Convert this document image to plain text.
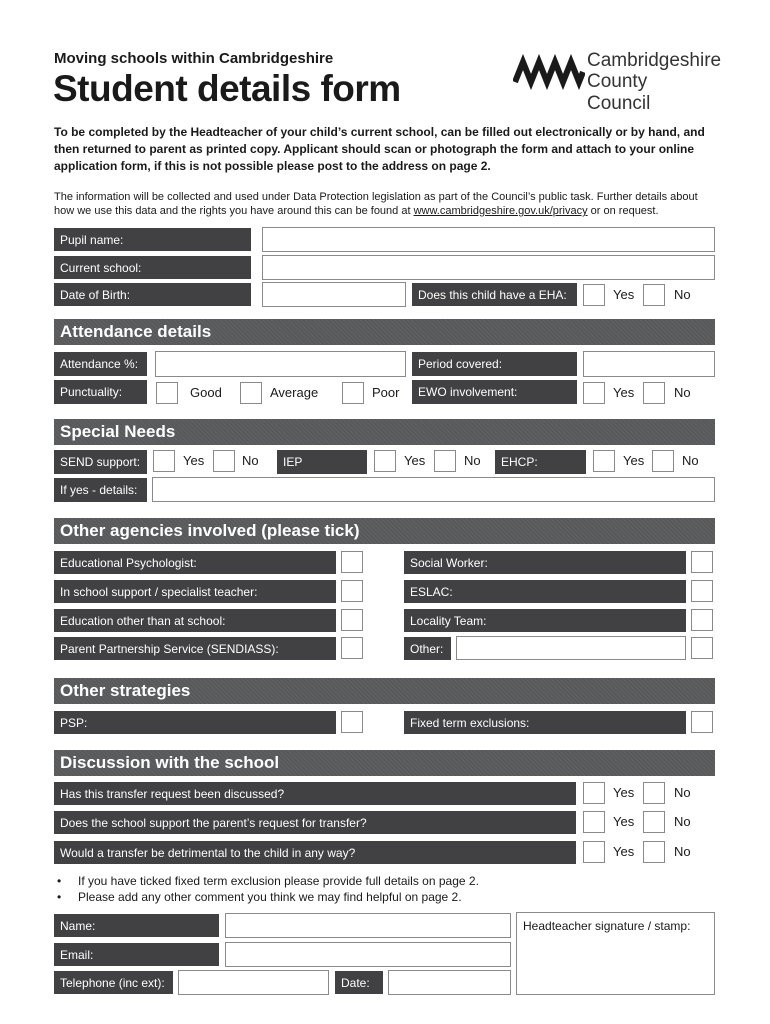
Moving schools within Cambridgeshire
Student details form
Cambridgeshire
County Council
To be completed by the Headteacher of your child’s current school, can be filled out electronically or by hand, and then returned to parent as printed copy. Applicant should scan or photograph the form and attach to your online application form, if this is not possible please post to the address on page 2.
The information will be collected and used under Data Protection legislation as part of the Council’s public task. Further details about how we use this data and the rights you have around this can be found at www.cambridgeshire.gov.uk/privacy or on request.
Pupil name:
Current school:
Date of Birth:	Does this child have a EHA:	Yes	No
Attendance details
Attendance %:	Period covered:
Punctuality:	Good	Average	Poor	EWO involvement:	Yes	No
Special Needs
SEND support:	Yes	No	IEP	Yes	No	EHCP:	Yes	No
If yes - details:
Other agencies involved (please tick)
Educational Psychologist:	Social Worker:
In school support / specialist teacher:	ESLAC:
Education other than at school:	Locality Team:
Parent Partnership Service (SENDIASS):	Other:
Other strategies
PSP:	Fixed term exclusions:
Discussion with the school
Has this transfer request been discussed?	Yes	No
Does the school support the parent’s request for transfer?	Yes	No
Would a transfer be detrimental to the child in any way?	Yes	No
• If you have ticked fixed term exclusion please provide full details on page 2.
• Please add any other comment you think we may find helpful on page 2.
Name:
Email:
Telephone (inc ext):	Date:
Headteacher signature / stamp:
